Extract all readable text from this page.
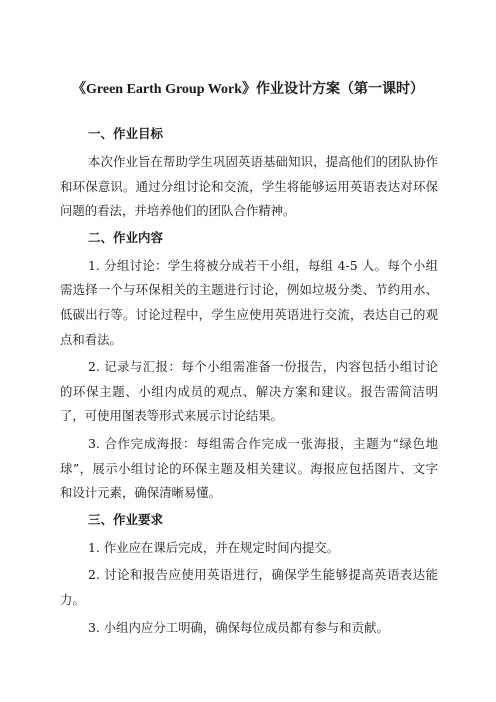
《Green Earth Group Work》作业设计方案（第一课时）
一、作业目标

本次作业旨在帮助学生巩固英语基础知识，提高他们的团队协作和环保意识。通过分组讨论和交流，学生将能够运用英语表达对环保问题的看法，并培养他们的团队合作精神。

二、作业内容

1. 分组讨论：学生将被分成若干小组，每组 4-5 人。每个小组需选择一个与环保相关的主题进行讨论，例如垃圾分类、节约用水、低碳出行等。讨论过程中，学生应使用英语进行交流，表达自己的观点和看法。

2. 记录与汇报：每个小组需准备一份报告，内容包括小组讨论的环保主题、小组内成员的观点、解决方案和建议。报告需简洁明了，可使用图表等形式来展示讨论结果。

3. 合作完成海报：每组需合作完成一张海报，主题为“绿色地球”，展示小组讨论的环保主题及相关建议。海报应包括图片、文字和设计元素，确保清晰易懂。

三、作业要求

1. 作业应在课后完成，并在规定时间内提交。

2. 讨论和报告应使用英语进行，确保学生能够提高英语表达能力。

3. 小组内应分工明确，确保每位成员都有参与和贡献。
